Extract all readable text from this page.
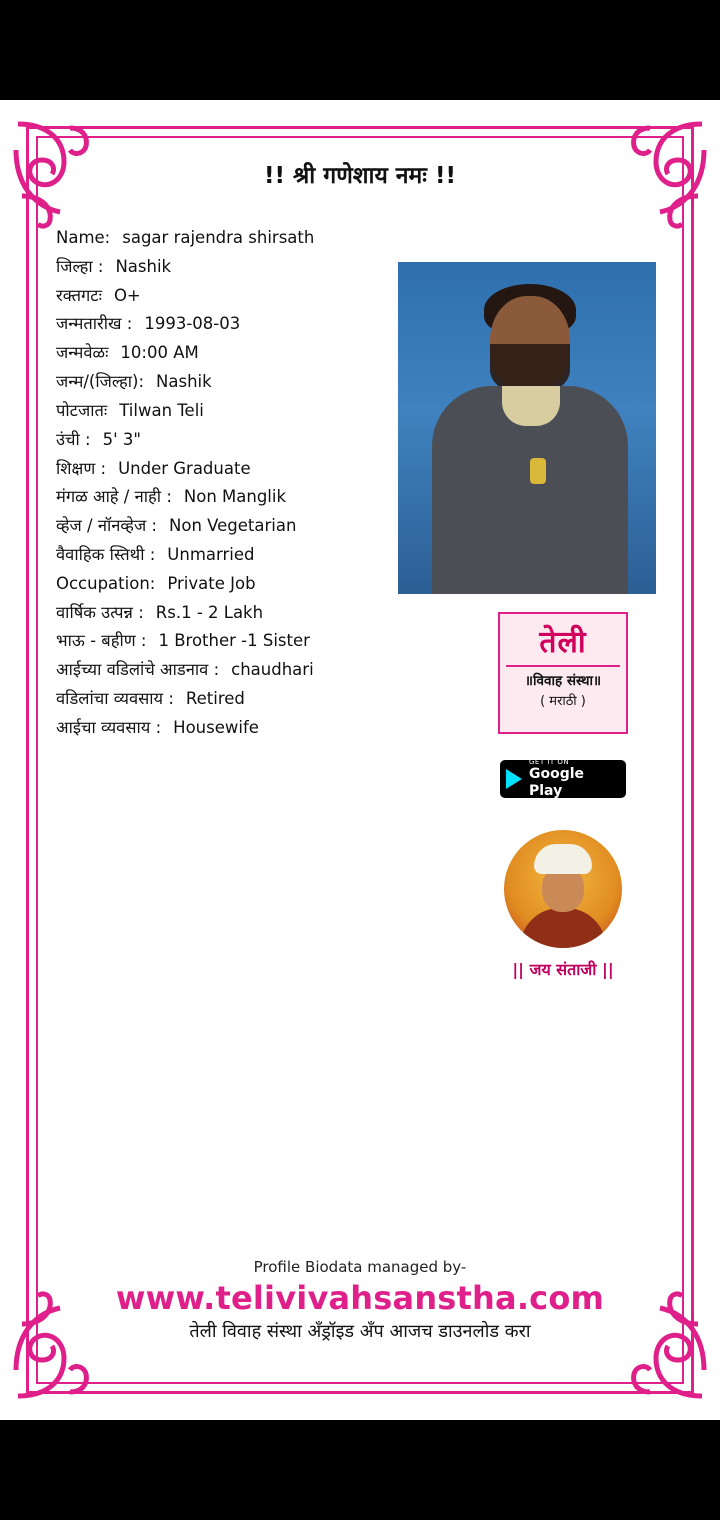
!! श्री गणेशाय नमः !!
Name: sagar rajendra shirsath
जिल्हा : Nashik
रक्तगटः O+
जन्मतारीख : 1993-08-03
जन्मवेळः 10:00 AM
जन्म/(जिल्हा): Nashik
पोटजातः Tilwan Teli
उंची : 5' 3"
शिक्षण : Under Graduate
मंगळ आहे / नाही : Non Manglik
व्हेज / नॉनव्हेज : Non Vegetarian
वैवाहिक स्तिथी : Unmarried
Occupation: Private Job
वार्षिक उत्पन्न : Rs.1 - 2 Lakh
भाऊ - बहीण : 1 Brother -1 Sister
आईच्या वडिलांचे आडनाव : chaudhari
वडिलांचा व्यवसाय : Retired
आईचा व्यवसाय : Housewife
तेली
॥विवाह संस्था॥
( मराठी )
GET IT ON
Google Play
|| जय संताजी ||
Profile Biodata managed by-
www.telivivahsanstha.com
तेली विवाह संस्था अँड्रॉइड अँप आजच डाउनलोड करा
